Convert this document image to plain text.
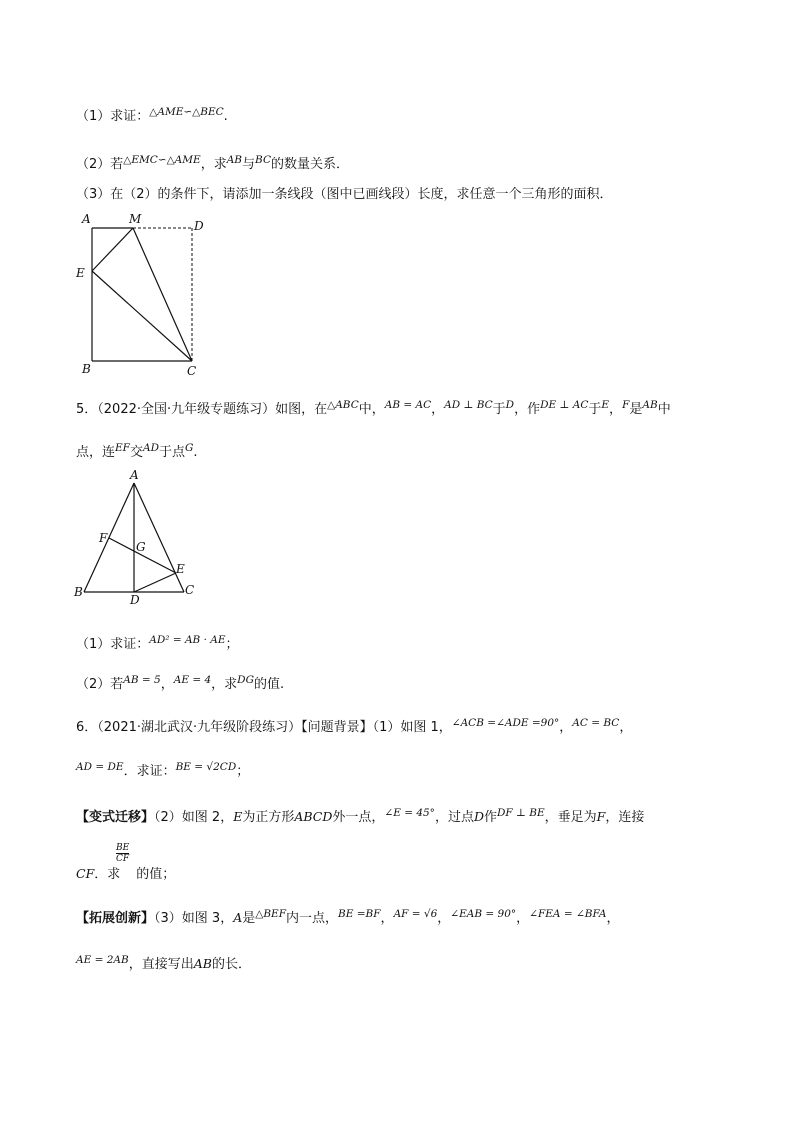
（1）求证：$^{\triangle AME∽\triangle BEC}$.
（2）若$^{\triangle EMC∽\triangle AME}$，求$^{AB}$与$^{BC}$的数量关系．
（3）在（2）的条件下，请添加一条线段（图中已画线段）长度，求任意一个三角形的面积．
A	M	D
E
B	C
5．（2022·全国·九年级专题练习）如图，在$^{\triangle ABC}$中，$^{AB = AC}$，$^{AD \perp BC}$于$^D$，作$^{DE \perp AC}$于$^E$，$^F$是$^{AB}$中
点，连$^{EF}$交$^{AD}$于点$^G$.
A
F
G
E
B
D
C
（1）求证：$^{AD^2 = AB \cdot AE}$；
（2）若$^{AB = 5}$，$^{AE = 4}$，求$^{DG}$的值.
6．（2021·湖北武汉·九年级阶段练习）【问题背景】（1）如图 1，$^{\angle ACB =\angle ADE =90^\circ}$，$^{AC = BC}$，
$^{AD = DE}$．求证：$^{BE = √2CD}$；
【变式迁移】（2）如图 2，E为正方形ABCD外一点，$^{\angle E = 45^\circ}$，过点D作$^{DF \perp BE}$，垂足为F，连接
$\frac{BE}{CF}$
CF．求 的值；
【拓展创新】（3）如图 3，A是$^{\triangle BEF}$内一点，$^{BE =BF}$，$^{AF = √6}$，$^{\angle EAB = 90^\circ}$，$^{\angle FEA = \angle BFA}$，
$^{AE = 2AB}$，直接写出AB的长．
